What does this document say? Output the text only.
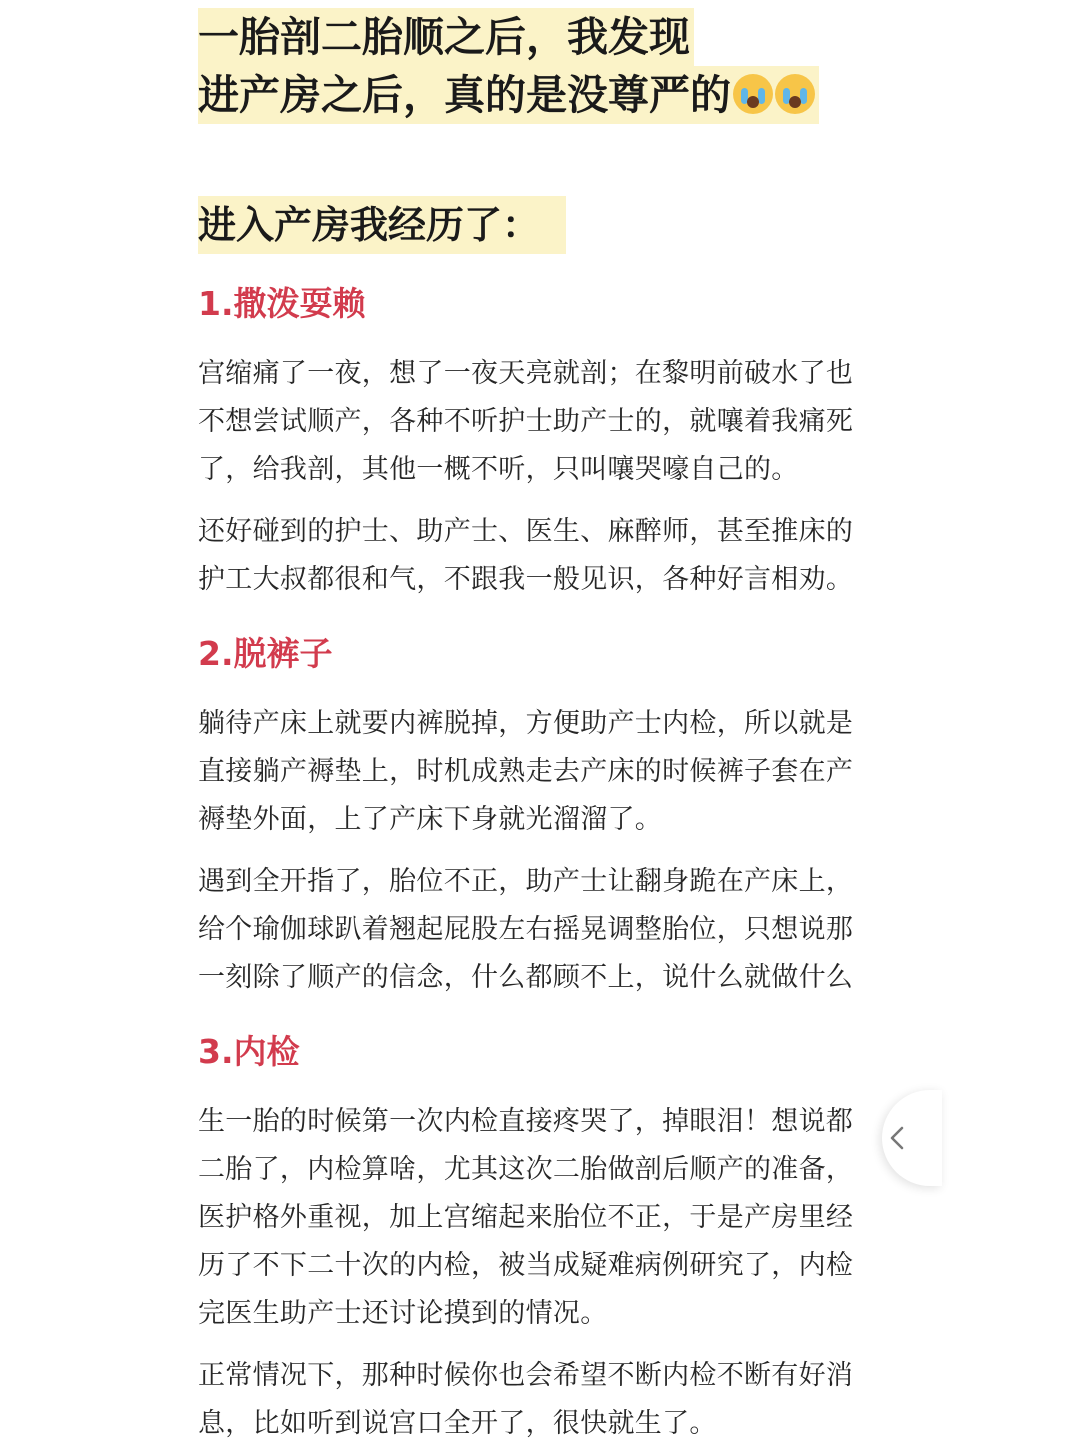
一胎剖二胎顺之后，我发现
进产房之后，真的是没尊严的
进入产房我经历了：
1.撒泼耍赖

宫缩痛了一夜，想了一夜天亮就剖；在黎明前破水了也不想尝试顺产，各种不听护士助产士的，就嚷着我痛死了，给我剖，其他一概不听，只叫嚷哭嚎自己的。

还好碰到的护士、助产士、医生、麻醉师，甚至推床的护工大叔都很和气，不跟我一般见识，各种好言相劝。

2.脱裤子

躺待产床上就要内裤脱掉，方便助产士内检，所以就是直接躺产褥垫上，时机成熟走去产床的时候裤子套在产褥垫外面，上了产床下身就光溜溜了。

遇到全开指了，胎位不正，助产士让翻身跪在产床上，给个瑜伽球趴着翘起屁股左右摇晃调整胎位，只想说那一刻除了顺产的信念，什么都顾不上，说什么就做什么

3.内检

生一胎的时候第一次内检直接疼哭了，掉眼泪！想说都二胎了，内检算啥，尤其这次二胎做剖后顺产的准备，医护格外重视，加上宫缩起来胎位不正，于是产房里经历了不下二十次的内检，被当成疑难病例研究了，内检完医生助产士还讨论摸到的情况。

正常情况下，那种时候你也会希望不断内检不断有好消息，比如听到说宫口全开了，很快就生了。
